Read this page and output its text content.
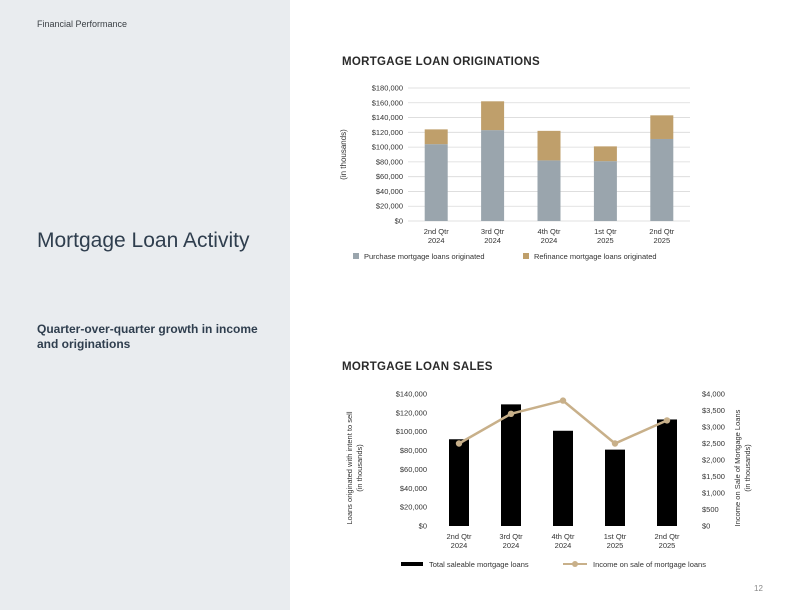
Financial Performance
Mortgage Loan Activity
Quarter-over-quarter growth in income and originations
MORTGAGE LOAN ORIGINATIONS
MORTGAGE LOAN SALES
$0
$20,000
$40,000
$60,000
$80,000
$100,000
$120,000
$140,000
$160,000
$180,000
(in thousands)
2nd Qtr
2024
3rd Qtr
2024
4th Qtr
2024
1st Qtr
2025
2nd Qtr
2025
Purchase mortgage loans originated	Refinance mortgage loans originated
$0
$20,000
$40,000
$60,000
$80,000
$100,000
$120,000
$140,000
$0
$500
$1,000
$1,500
$2,000
$2,500
$3,000
$3,500
$4,000
Loans originated with intent to sell(in thousands)	Income on Sale of Mortgage Loans(in thousands)
2nd Qtr
2024
3rd Qtr
2024
4th Qtr
2024
1st Qtr
2025
2nd Qtr
2025
Total saleable mortgage loans	Income on sale of mortgage loans
12
